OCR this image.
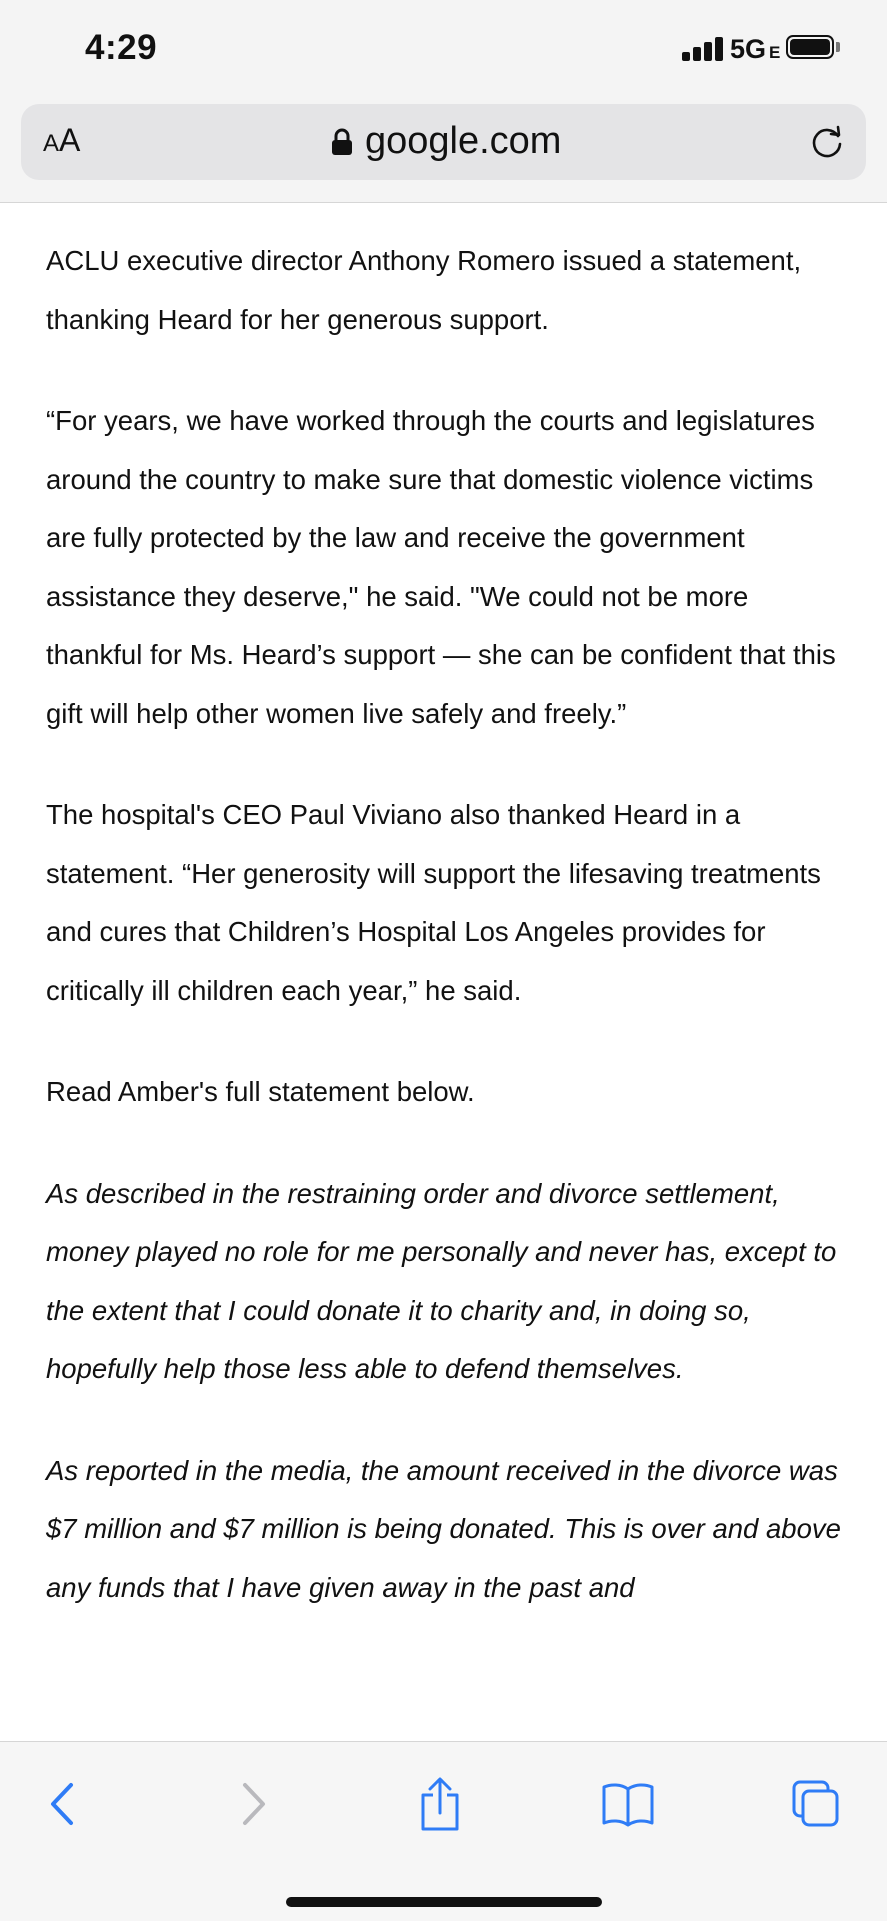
4:29	5G E
AA	google.com

ACLU executive director Anthony Romero issued a statement, thanking Heard for her generous support.

“For years, we have worked through the courts and legislatures around the country to make sure that domestic violence victims are fully protected by the law and receive the government assistance they deserve," he said. "We could not be more thankful for Ms. Heard’s support — she can be confident that this gift will help other women live safely and freely.”

The hospital's CEO Paul Viviano also thanked Heard in a statement. “Her generosity will support the lifesaving treatments and cures that Children’s Hospital Los Angeles provides for critically ill children each year,” he said.

Read Amber's full statement below.

As described in the restraining order and divorce settlement, money played no role for me personally and never has, except to the extent that I could donate it to charity and, in doing so, hopefully help those less able to defend themselves.

As reported in the media, the amount received in the divorce was $7 million and $7 million is being donated. This is over and above any funds that I have given away in the past and
